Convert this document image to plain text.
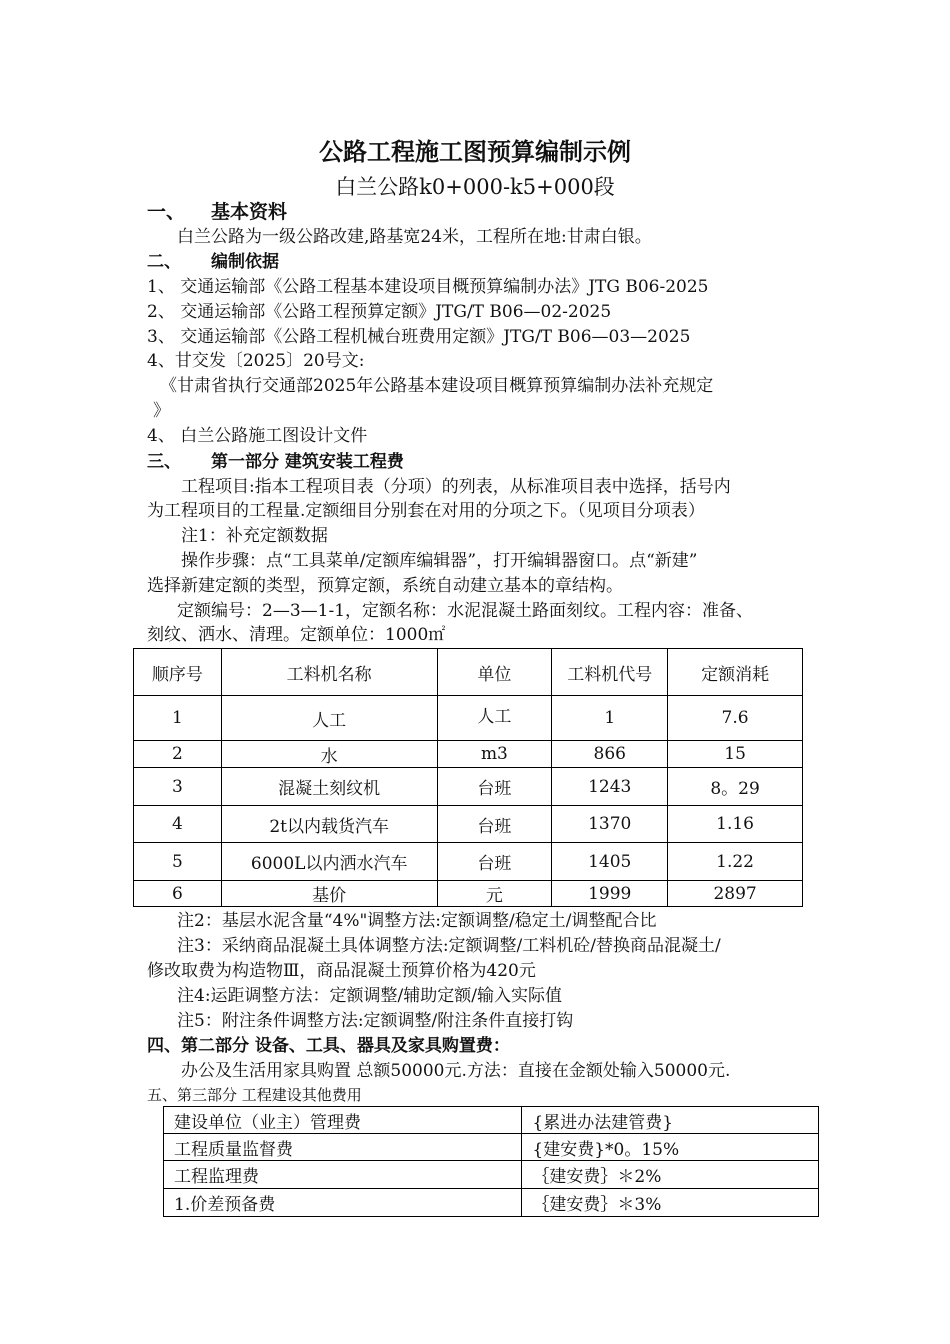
公路工程施工图预算编制示例
白兰公路k0+000-k5+000段
一、 基本资料
白兰公路为一级公路改建,路基宽24米，工程所在地:甘肃白银。
二、 编制依据
1、 交通运输部《公路工程基本建设项目概预算编制办法》JTG B06-2025
2、 交通运输部《公路工程预算定额》JTG/T B06—02-2025
3、 交通运输部《公路工程机械台班费用定额》JTG/T B06—03—2025
4、甘交发〔2025〕20号文:
《甘肃省执行交通部2025年公路基本建设项目概算预算编制办法补充规定
》
4、 白兰公路施工图设计文件
三、 第一部分 建筑安装工程费
工程项目:指本工程项目表（分项）的列表，从标准项目表中选择，括号内
为工程项目的工程量.定额细目分别套在对用的分项之下。（见项目分项表）
注1：补充定额数据
操作步骤：点“工具菜单/定额库编辑器”，打开编辑器窗口。点“新建”
选择新建定额的类型，预算定额，系统自动建立基本的章结构。
定额编号：2—3—1-1，定额名称：水泥混凝土路面刻纹。工程内容：准备、
刻纹、洒水、清理。定额单位：1000㎡
顺序号	工料机名称	单位	工料机代号	定额消耗
1	人工	人工	1	7.6
2	水	m3	866	15
3	混凝土刻纹机	台班	1243	8。29
4	2t以内载货汽车	台班	1370	1.16
5	6000L以内洒水汽车	台班	1405	1.22
6	基价	元	1999	2897
注2：基层水泥含量“4%"调整方法:定额调整/稳定土/调整配合比
注3：采纳商品混凝土具体调整方法:定额调整/工料机砼/替换商品混凝土/
修改取费为构造物Ⅲ，商品混凝土预算价格为420元
注4:运距调整方法：定额调整/辅助定额/输入实际值
注5：附注条件调整方法:定额调整/附注条件直接打钩
四、第二部分 设备、工具、器具及家具购置费：
办公及生活用家具购置 总额50000元.方法：直接在金额处输入50000元.
五、第三部分 工程建设其他费用
建设单位（业主）管理费	{累进办法建管费}
工程质量监督费	{建安费}*0。15%
工程监理费	｛建安费｝＊2%
1.价差预备费	｛建安费｝＊3%
